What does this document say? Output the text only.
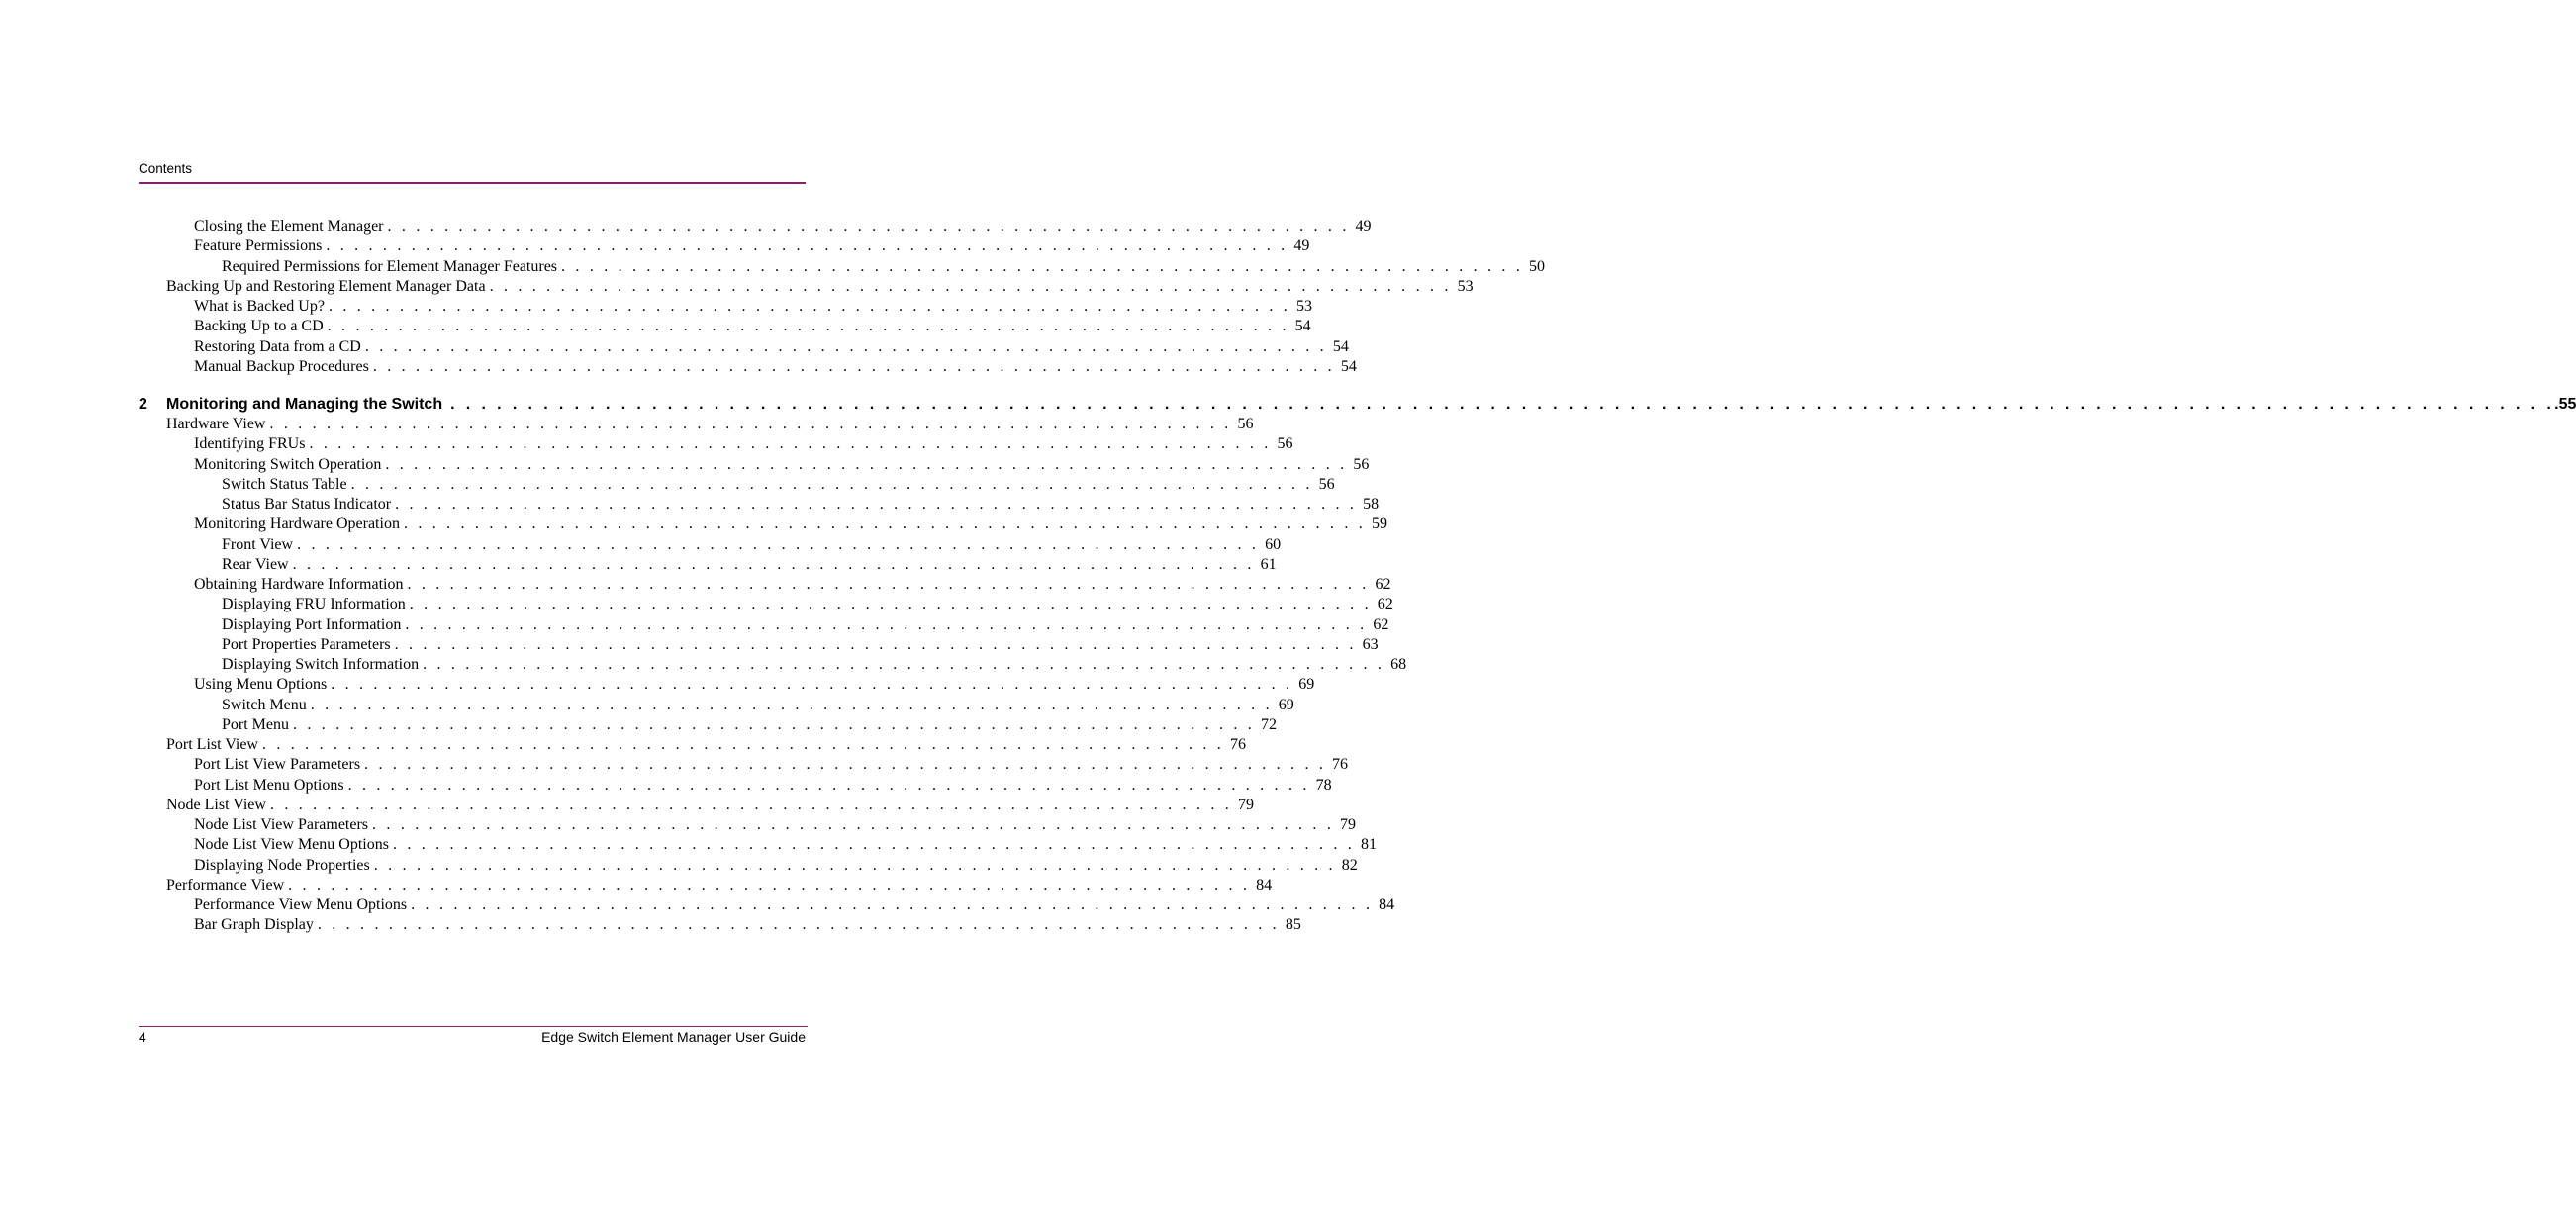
Contents
Closing the Element Manager . . . . . . . . . . . . . . . . . . . . . . . . . . . . . . . . . . . . . . . . . . . . . . . . . . . . . . . . . . . . . . . . . . . . 49
Feature Permissions . . . . . . . . . . . . . . . . . . . . . . . . . . . . . . . . . . . . . . . . . . . . . . . . . . . . . . . . . . . . . . . . . . . . 49
Required Permissions for Element Manager Features . . . . . . . . . . . . . . . . . . . . . . . . . . . . . . . . . . . . . . . . . . . . . . . . . . . . . . . . . . . . . . . . . . . . 50
Backing Up and Restoring Element Manager Data . . . . . . . . . . . . . . . . . . . . . . . . . . . . . . . . . . . . . . . . . . . . . . . . . . . . . . . . . . . . . . . . . . . . 53
What is Backed Up? . . . . . . . . . . . . . . . . . . . . . . . . . . . . . . . . . . . . . . . . . . . . . . . . . . . . . . . . . . . . . . . . . . . . 53
Backing Up to a CD . . . . . . . . . . . . . . . . . . . . . . . . . . . . . . . . . . . . . . . . . . . . . . . . . . . . . . . . . . . . . . . . . . . . 54
Restoring Data from a CD . . . . . . . . . . . . . . . . . . . . . . . . . . . . . . . . . . . . . . . . . . . . . . . . . . . . . . . . . . . . . . . . . . . . 54
Manual Backup Procedures . . . . . . . . . . . . . . . . . . . . . . . . . . . . . . . . . . . . . . . . . . . . . . . . . . . . . . . . . . . . . . . . . . . . 54
2	Monitoring and Managing the Switch . . . . . . . . . . . . . . . . . . . . . . . . . . . . . . . . . . . . . . . . . . . . . . . . . . . . . . . . . . . . . . . . . . . . . . . . . . . . . . . . . . . . . . . . . . . . . . . . . . . . . . . . . . . . . . . . . . . . . . . . . . . . . . . . . . . . . . . . .55
Hardware View . . . . . . . . . . . . . . . . . . . . . . . . . . . . . . . . . . . . . . . . . . . . . . . . . . . . . . . . . . . . . . . . . . . . 56
Identifying FRUs . . . . . . . . . . . . . . . . . . . . . . . . . . . . . . . . . . . . . . . . . . . . . . . . . . . . . . . . . . . . . . . . . . . . 56
Monitoring Switch Operation . . . . . . . . . . . . . . . . . . . . . . . . . . . . . . . . . . . . . . . . . . . . . . . . . . . . . . . . . . . . . . . . . . . . 56
Switch Status Table . . . . . . . . . . . . . . . . . . . . . . . . . . . . . . . . . . . . . . . . . . . . . . . . . . . . . . . . . . . . . . . . . . . . 56
Status Bar Status Indicator . . . . . . . . . . . . . . . . . . . . . . . . . . . . . . . . . . . . . . . . . . . . . . . . . . . . . . . . . . . . . . . . . . . . 58
Monitoring Hardware Operation . . . . . . . . . . . . . . . . . . . . . . . . . . . . . . . . . . . . . . . . . . . . . . . . . . . . . . . . . . . . . . . . . . . . 59
Front View . . . . . . . . . . . . . . . . . . . . . . . . . . . . . . . . . . . . . . . . . . . . . . . . . . . . . . . . . . . . . . . . . . . . 60
Rear View . . . . . . . . . . . . . . . . . . . . . . . . . . . . . . . . . . . . . . . . . . . . . . . . . . . . . . . . . . . . . . . . . . . . 61
Obtaining Hardware Information . . . . . . . . . . . . . . . . . . . . . . . . . . . . . . . . . . . . . . . . . . . . . . . . . . . . . . . . . . . . . . . . . . . . 62
Displaying FRU Information . . . . . . . . . . . . . . . . . . . . . . . . . . . . . . . . . . . . . . . . . . . . . . . . . . . . . . . . . . . . . . . . . . . . 62
Displaying Port Information . . . . . . . . . . . . . . . . . . . . . . . . . . . . . . . . . . . . . . . . . . . . . . . . . . . . . . . . . . . . . . . . . . . . 62
Port Properties Parameters . . . . . . . . . . . . . . . . . . . . . . . . . . . . . . . . . . . . . . . . . . . . . . . . . . . . . . . . . . . . . . . . . . . . 63
Displaying Switch Information . . . . . . . . . . . . . . . . . . . . . . . . . . . . . . . . . . . . . . . . . . . . . . . . . . . . . . . . . . . . . . . . . . . . 68
Using Menu Options . . . . . . . . . . . . . . . . . . . . . . . . . . . . . . . . . . . . . . . . . . . . . . . . . . . . . . . . . . . . . . . . . . . . 69
Switch Menu . . . . . . . . . . . . . . . . . . . . . . . . . . . . . . . . . . . . . . . . . . . . . . . . . . . . . . . . . . . . . . . . . . . . 69
Port Menu . . . . . . . . . . . . . . . . . . . . . . . . . . . . . . . . . . . . . . . . . . . . . . . . . . . . . . . . . . . . . . . . . . . . 72
Port List View . . . . . . . . . . . . . . . . . . . . . . . . . . . . . . . . . . . . . . . . . . . . . . . . . . . . . . . . . . . . . . . . . . . . 76
Port List View Parameters . . . . . . . . . . . . . . . . . . . . . . . . . . . . . . . . . . . . . . . . . . . . . . . . . . . . . . . . . . . . . . . . . . . . 76
Port List Menu Options . . . . . . . . . . . . . . . . . . . . . . . . . . . . . . . . . . . . . . . . . . . . . . . . . . . . . . . . . . . . . . . . . . . . 78
Node List View . . . . . . . . . . . . . . . . . . . . . . . . . . . . . . . . . . . . . . . . . . . . . . . . . . . . . . . . . . . . . . . . . . . . 79
Node List View Parameters . . . . . . . . . . . . . . . . . . . . . . . . . . . . . . . . . . . . . . . . . . . . . . . . . . . . . . . . . . . . . . . . . . . . 79
Node List View Menu Options . . . . . . . . . . . . . . . . . . . . . . . . . . . . . . . . . . . . . . . . . . . . . . . . . . . . . . . . . . . . . . . . . . . . 81
Displaying Node Properties . . . . . . . . . . . . . . . . . . . . . . . . . . . . . . . . . . . . . . . . . . . . . . . . . . . . . . . . . . . . . . . . . . . . 82
Performance View . . . . . . . . . . . . . . . . . . . . . . . . . . . . . . . . . . . . . . . . . . . . . . . . . . . . . . . . . . . . . . . . . . . . 84
Performance View Menu Options . . . . . . . . . . . . . . . . . . . . . . . . . . . . . . . . . . . . . . . . . . . . . . . . . . . . . . . . . . . . . . . . . . . . 84
Bar Graph Display . . . . . . . . . . . . . . . . . . . . . . . . . . . . . . . . . . . . . . . . . . . . . . . . . . . . . . . . . . . . . . . . . . . . 85
4	Edge Switch Element Manager User Guide
